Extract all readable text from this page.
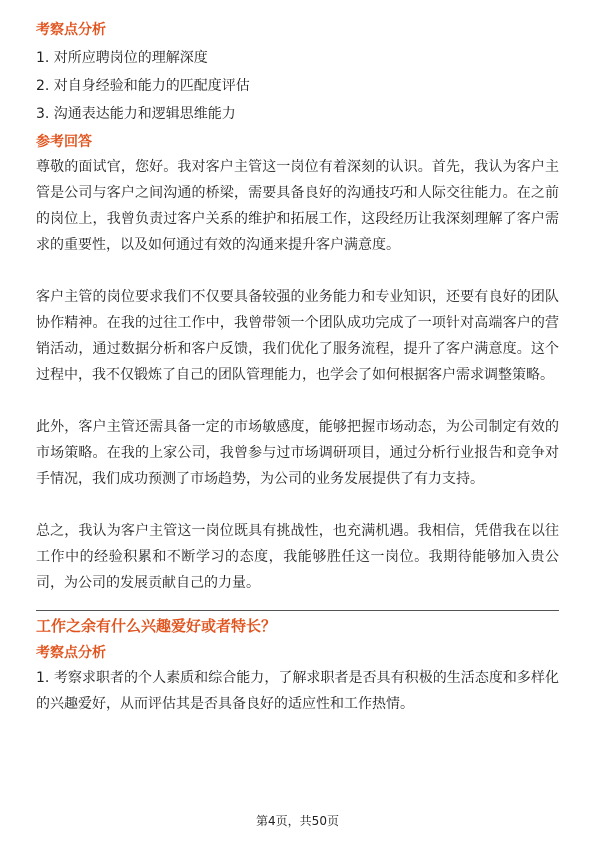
考察点分析
1. 对所应聘岗位的理解深度
2. 对自身经验和能力的匹配度评估
3. 沟通表达能力和逻辑思维能力
参考回答

尊敬的面试官，您好。我对客户主管这一岗位有着深刻的认识。首先，我认为客户主管是公司与客户之间沟通的桥梁，需要具备良好的沟通技巧和人际交往能力。在之前的岗位上，我曾负责过客户关系的维护和拓展工作，这段经历让我深刻理解了客户需求的重要性，以及如何通过有效的沟通来提升客户满意度。

客户主管的岗位要求我们不仅要具备较强的业务能力和专业知识，还要有良好的团队协作精神。在我的过往工作中，我曾带领一个团队成功完成了一项针对高端客户的营销活动，通过数据分析和客户反馈，我们优化了服务流程，提升了客户满意度。这个过程中，我不仅锻炼了自己的团队管理能力，也学会了如何根据客户需求调整策略。

此外，客户主管还需具备一定的市场敏感度，能够把握市场动态，为公司制定有效的市场策略。在我的上家公司，我曾参与过市场调研项目，通过分析行业报告和竞争对手情况，我们成功预测了市场趋势，为公司的业务发展提供了有力支持。

总之，我认为客户主管这一岗位既具有挑战性，也充满机遇。我相信，凭借我在以往工作中的经验积累和不断学习的态度，我能够胜任这一岗位。我期待能够加入贵公司，为公司的发展贡献自己的力量。

工作之余有什么兴趣爱好或者特长？
考察点分析

1. 考察求职者的个人素质和综合能力，了解求职者是否具有积极的生活态度和多样化的兴趣爱好，从而评估其是否具备良好的适应性和工作热情。

第4页，共50页
